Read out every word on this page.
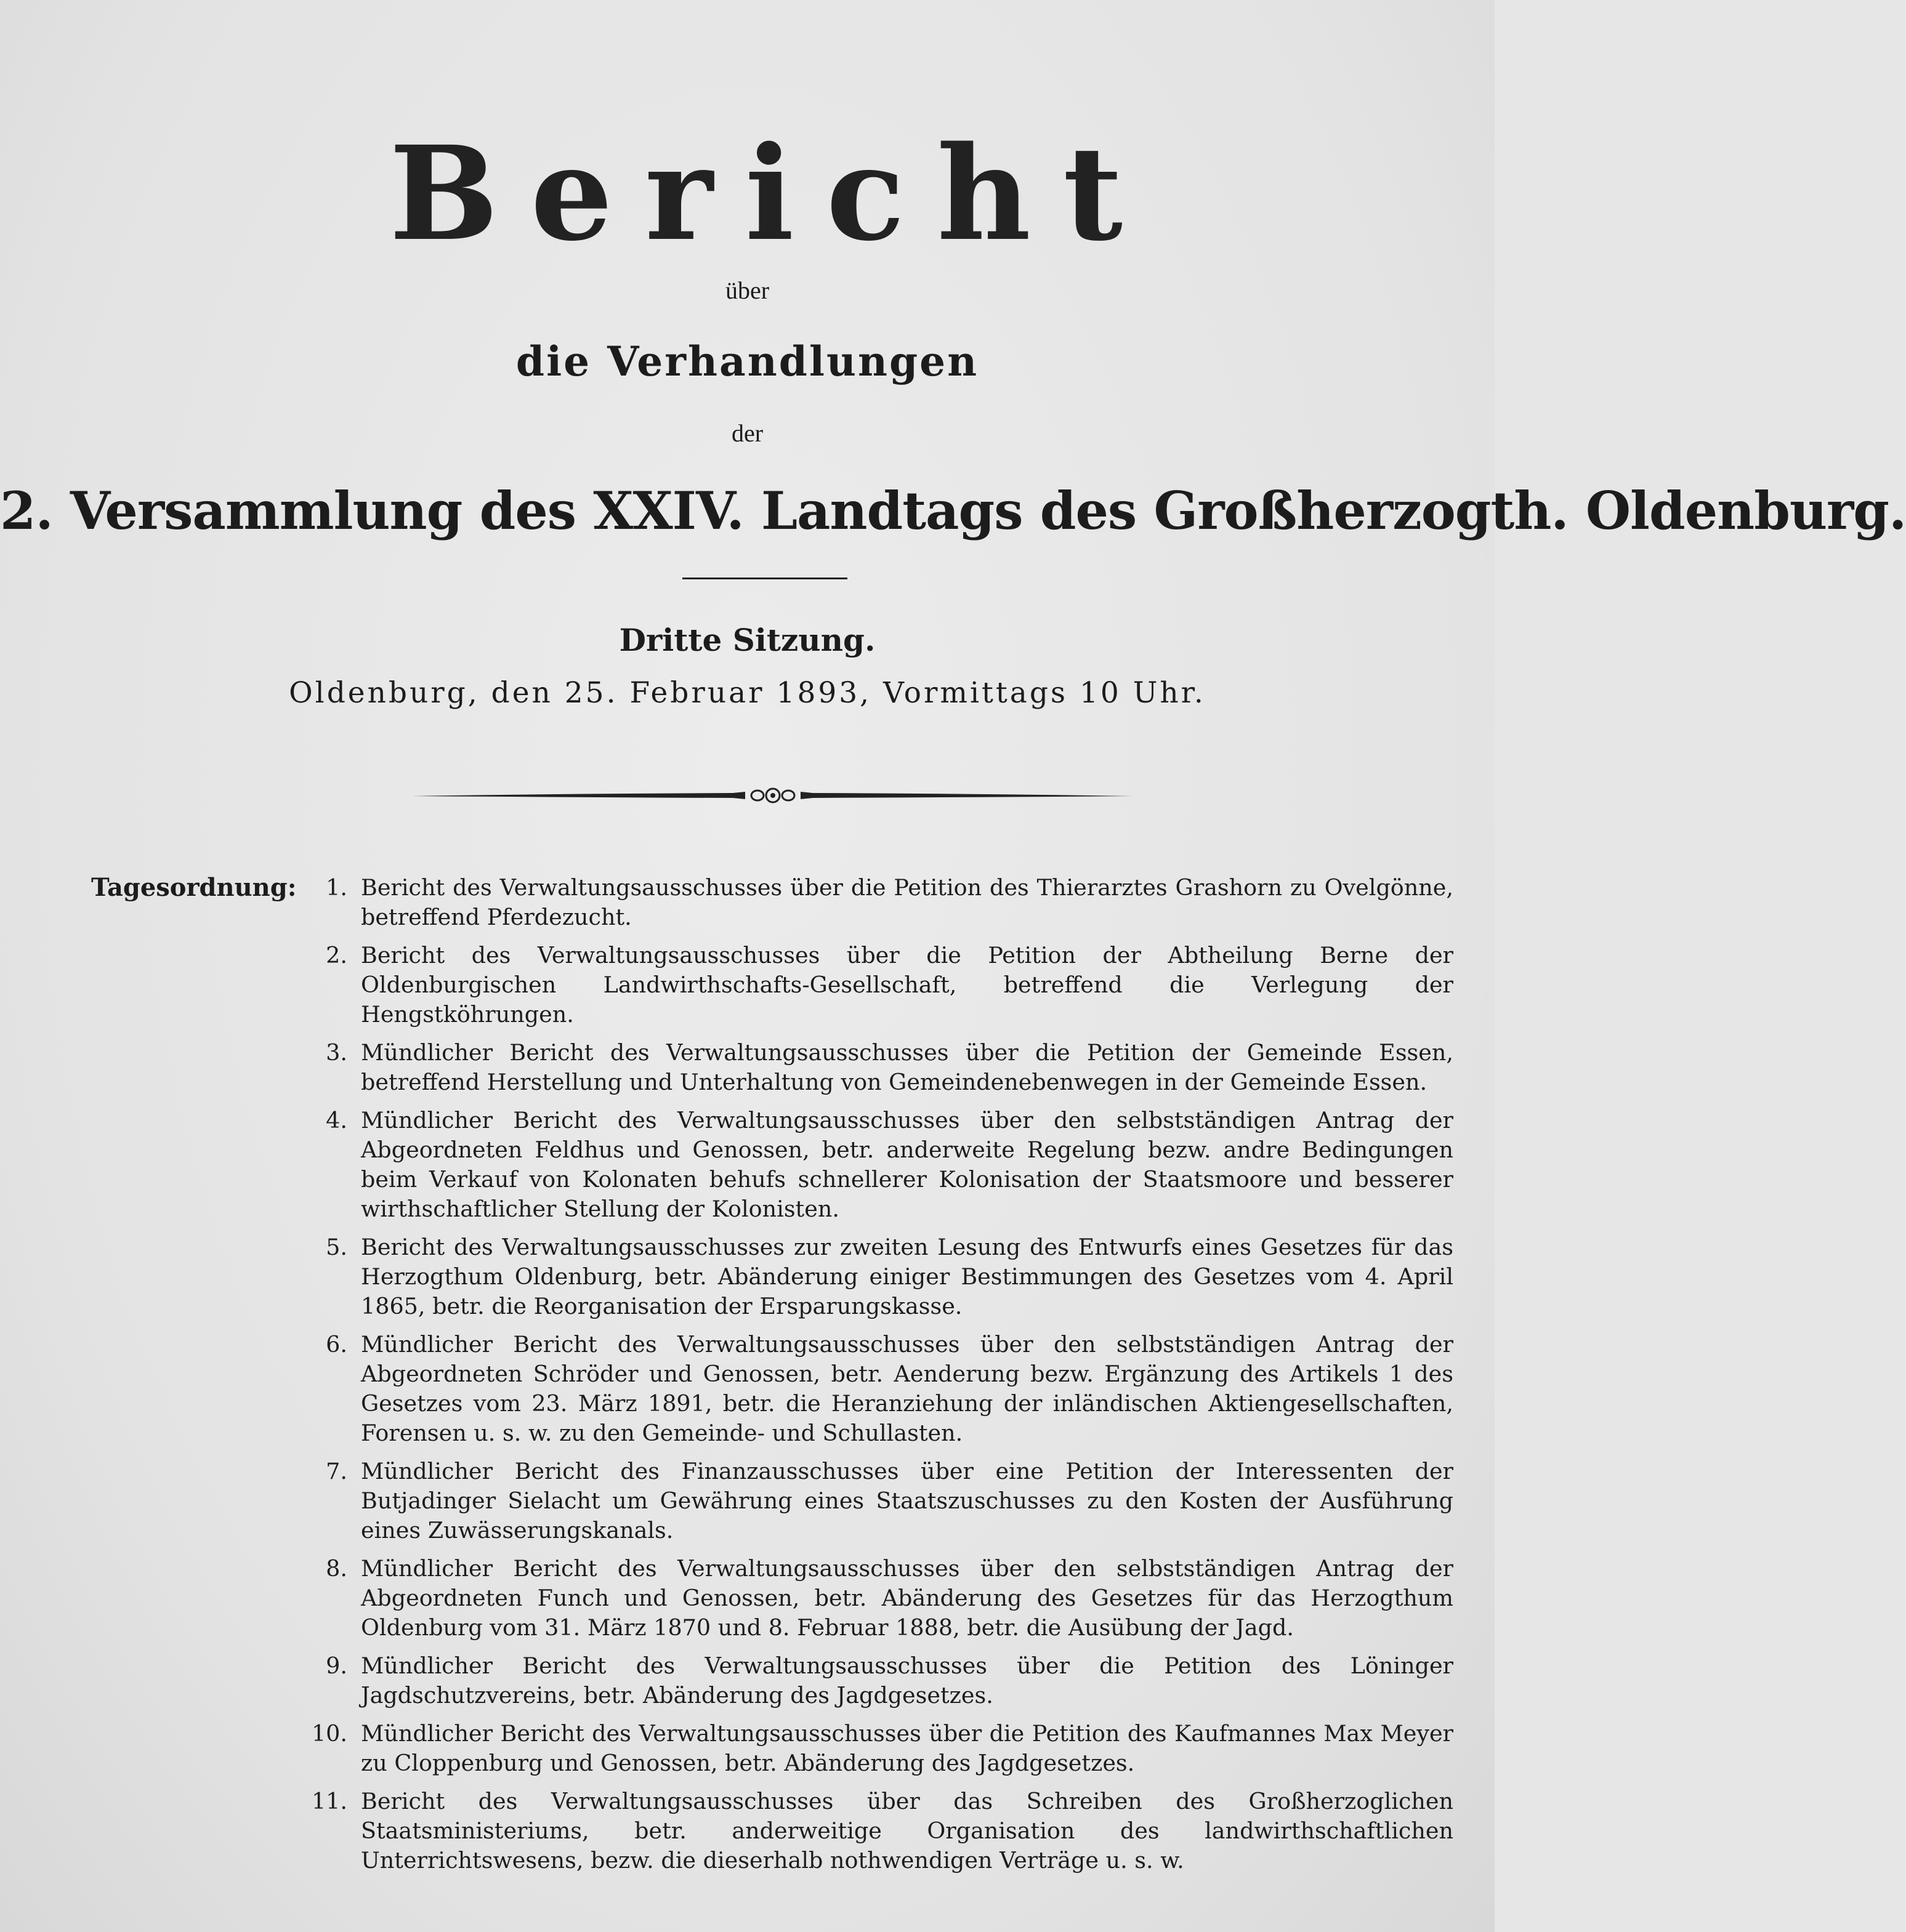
Bericht
über
die Verhandlungen
der
2. Versammlung des XXIV. Landtags des Großherzogth. Oldenburg.
Dritte Sitzung.
Oldenburg, den 25. Februar 1893, Vormittags 10 Uhr.
Tagesordnung:	1. Bericht des Verwaltungsausschusses über die Petition des Thierarztes Grashorn zu Ovelgönne, betreffend Pferdezucht.
2. Bericht des Verwaltungsausschusses über die Petition der Abtheilung Berne der Oldenburgischen Landwirthschafts-Gesellschaft, betreffend die Verlegung der Hengstköhrungen.
3. Mündlicher Bericht des Verwaltungsausschusses über die Petition der Gemeinde Essen, betreffend Herstellung und Unterhaltung von Gemeindenebenwegen in der Gemeinde Essen.
4. Mündlicher Bericht des Verwaltungsausschusses über den selbstständigen Antrag der Abgeordneten Feldhus und Genossen, betr. anderweite Regelung bezw. andre Bedingungen beim Verkauf von Kolonaten behufs schnellerer Kolonisation der Staatsmoore und besserer wirthschaftlicher Stellung der Kolonisten.
5. Bericht des Verwaltungsausschusses zur zweiten Lesung des Entwurfs eines Gesetzes für das Herzogthum Oldenburg, betr. Abänderung einiger Bestimmungen des Gesetzes vom 4. April 1865, betr. die Reorganisation der Ersparungskasse.
6. Mündlicher Bericht des Verwaltungsausschusses über den selbstständigen Antrag der Abgeordneten Schröder und Genossen, betr. Aenderung bezw. Ergänzung des Artikels 1 des Gesetzes vom 23. März 1891, betr. die Heranziehung der inländischen Aktiengesellschaften, Forensen u. s. w. zu den Gemeinde- und Schullasten.
7. Mündlicher Bericht des Finanzausschusses über eine Petition der Interessenten der Butjadinger Sielacht um Gewährung eines Staatszuschusses zu den Kosten der Ausführung eines Zuwässerungskanals.
8. Mündlicher Bericht des Verwaltungsausschusses über den selbstständigen Antrag der Abgeordneten Funch und Genossen, betr. Abänderung des Gesetzes für das Herzogthum Oldenburg vom 31. März 1870 und 8. Februar 1888, betr. die Ausübung der Jagd.
9. Mündlicher Bericht des Verwaltungsausschusses über die Petition des Löninger Jagdschutzvereins, betr. Abänderung des Jagdgesetzes.
10. Mündlicher Bericht des Verwaltungsausschusses über die Petition des Kaufmannes Max Meyer zu Cloppenburg und Genossen, betr. Abänderung des Jagdgesetzes.
11. Bericht des Verwaltungsausschusses über das Schreiben des Großherzoglichen Staatsministeriums, betr. anderweitige Organisation des landwirthschaftlichen Unterrichtswesens, bezw. die dieserhalb nothwendigen Verträge u. s. w.
